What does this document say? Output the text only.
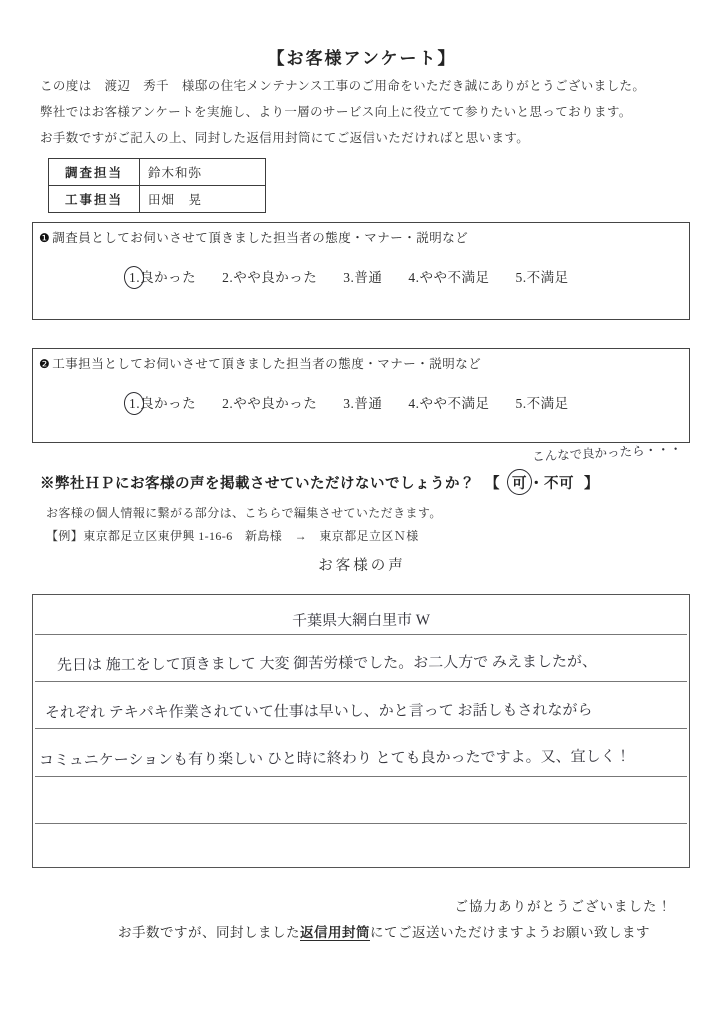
【お客様アンケート】

この度は　渡辺　秀千　様邸の住宅メンテナンス工事のご用命をいただき誠にありがとうございました。

弊社ではお客様アンケートを実施し、より一層のサービス向上に役立てて参りたいと思っております。

お手数ですがご記入の上、同封した返信用封筒にてご返信いただければと思います。

調査担当	鈴木和弥
工事担当	田畑　晃
❶ 調査員としてお伺いさせて頂きました担当者の態度・マナー・説明など
1.良かった 2.やや良かった 3.普通 4.やや不満足 5.不満足
❷ 工事担当としてお伺いさせて頂きました担当者の態度・マナー・説明など
1.良かった 2.やや良かった 3.普通 4.やや不満足 5.不満足
こんなで良かったら・・・
※弊社ＨＰにお客様の声を掲載させていただけないでしょうか？ 【 可 ・不可 】
お客様の個人情報に繋がる部分は、こちらで編集させていただきます。
【例】東京都足立区東伊興 1-16-6　新島様　→　東京都足立区Ｎ様
お客様の声
千葉県大網白里市 W
先日は 施工をして頂きまして 大変 御苦労様でした。お二人方で みえましたが、
それぞれ テキパキ作業されていて仕事は早いし、かと言って お話しもされながら
コミュニケーションも有り楽しい ひと時に終わり とても良かったですよ。又、宜しく！
ご協力ありがとうございました！
お手数ですが、同封しました返信用封筒にてご返送いただけますようお願い致します
